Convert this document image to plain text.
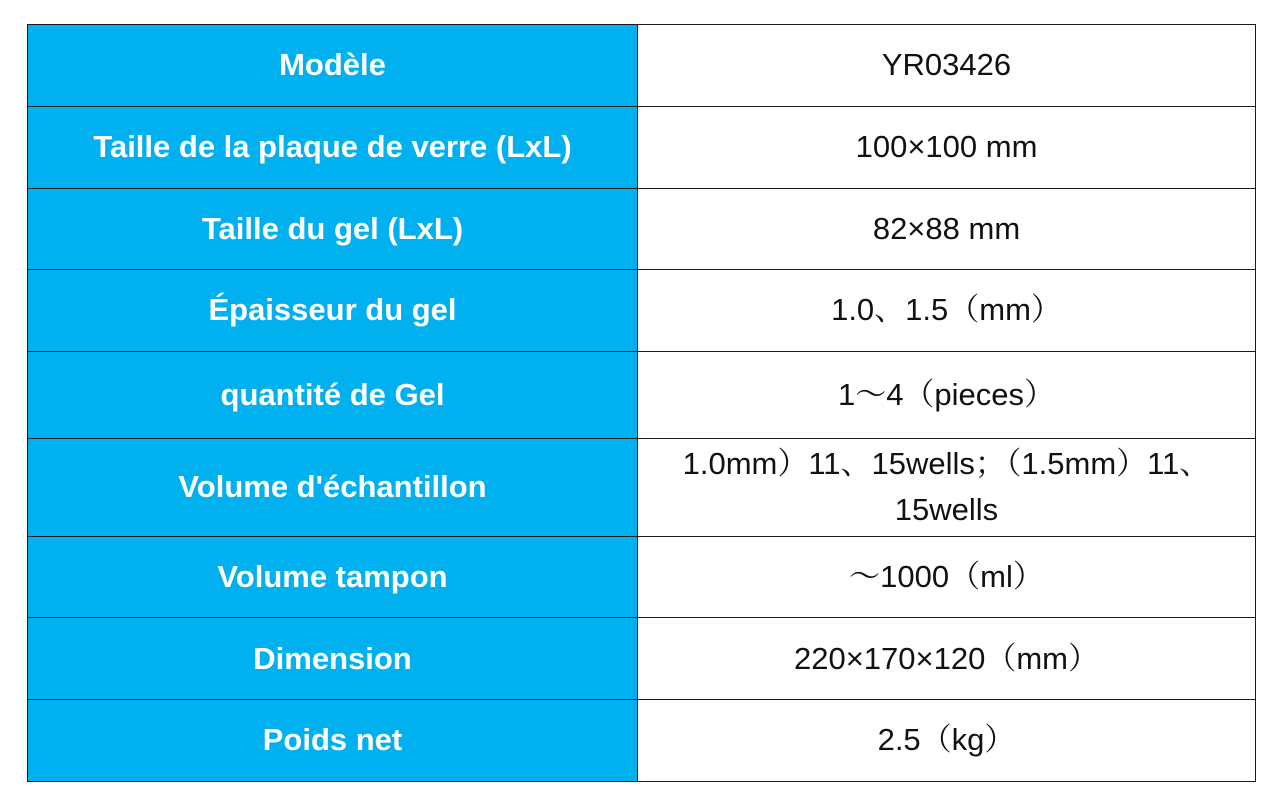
Modèle	YR03426
Taille de la plaque de verre (LxL)	100×100 mm
Taille du gel (LxL)	82×88 mm
Épaisseur du gel	1.0、1.5（mm）
quantité de Gel	1～4（pieces）
Volume d'échantillon	1.0mm）11、15wells；（1.5mm）11、15wells
Volume tampon	～1000（ml）
Dimension	220×170×120（mm）
Poids net	2.5（kg）
